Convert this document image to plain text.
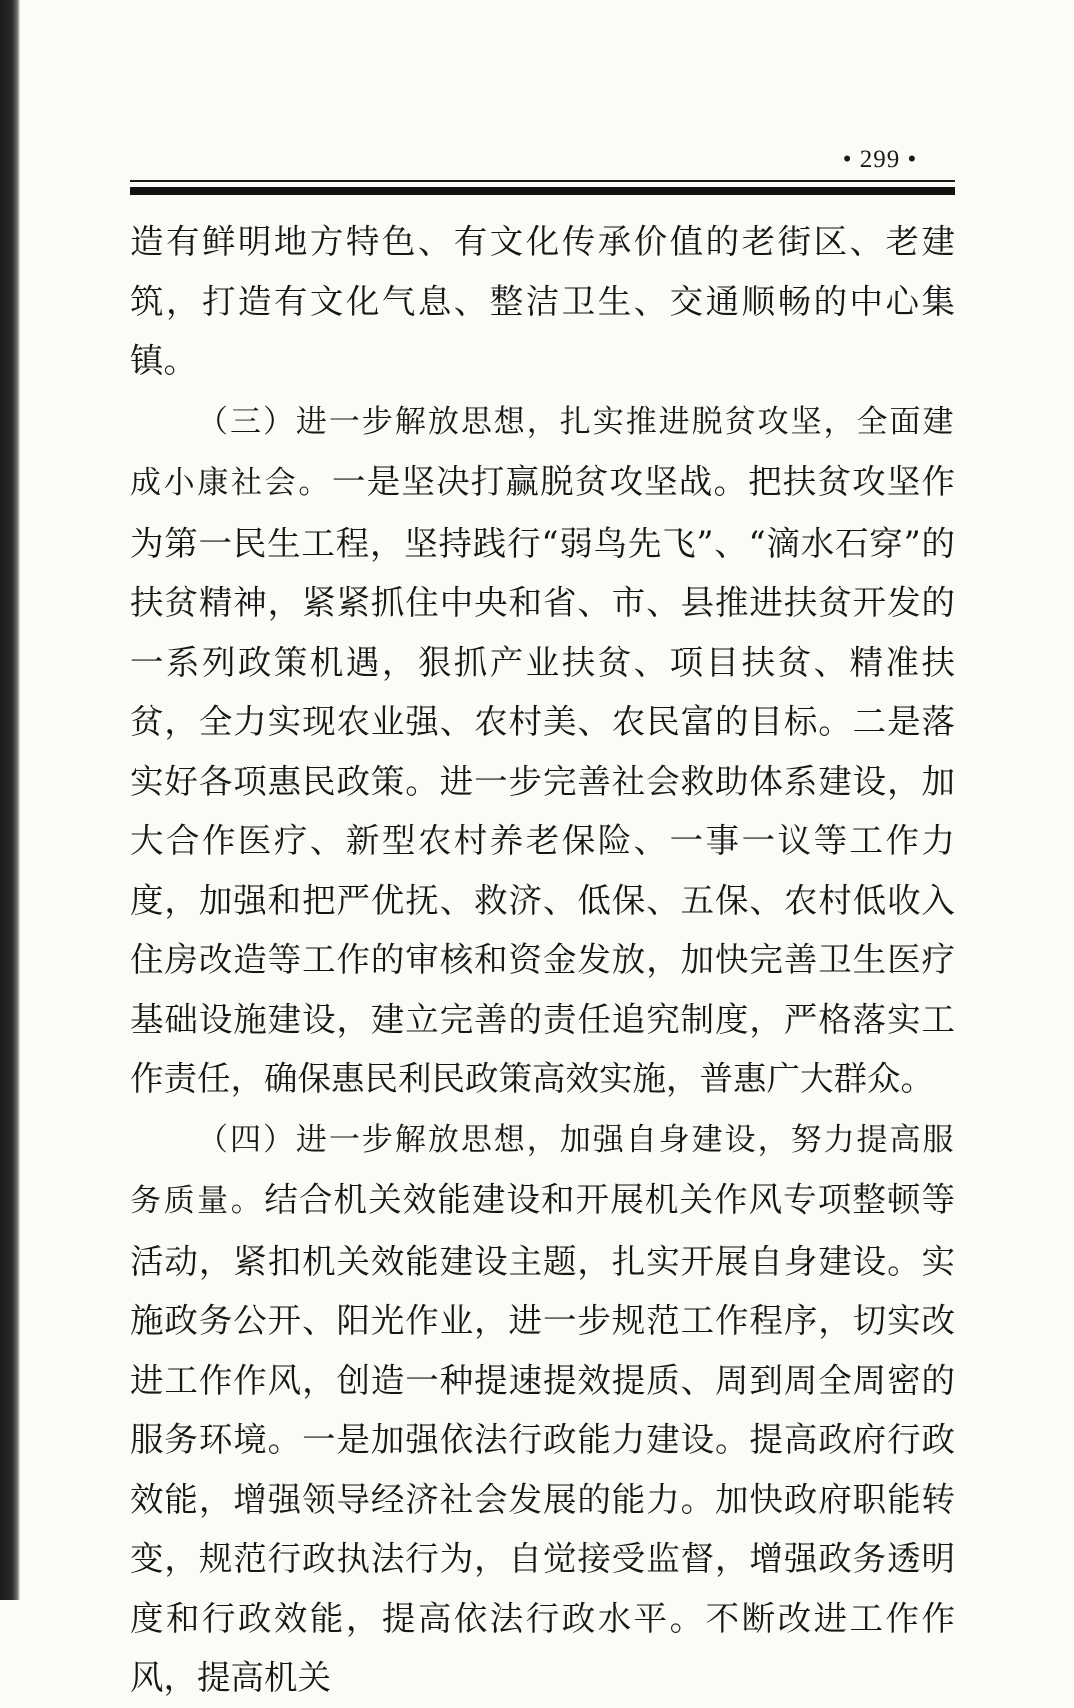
• 299 •

造有鲜明地方特色、有文化传承价值的老街区、老建筑，打造有文化气息、整洁卫生、交通顺畅的中心集镇。

（三）进一步解放思想，扎实推进脱贫攻坚，全面建成小康社会。一是坚决打赢脱贫攻坚战。把扶贫攻坚作为第一民生工程，坚持践行“弱鸟先飞”、“滴水石穿”的扶贫精神，紧紧抓住中央和省、市、县推进扶贫开发的一系列政策机遇，狠抓产业扶贫、项目扶贫、精准扶贫，全力实现农业强、农村美、农民富的目标。二是落实好各项惠民政策。进一步完善社会救助体系建设，加大合作医疗、新型农村养老保险、一事一议等工作力度，加强和把严优抚、救济、低保、五保、农村低收入住房改造等工作的审核和资金发放，加快完善卫生医疗基础设施建设，建立完善的责任追究制度，严格落实工作责任，确保惠民利民政策高效实施，普惠广大群众。

（四）进一步解放思想，加强自身建设，努力提高服务质量。结合机关效能建设和开展机关作风专项整顿等活动，紧扣机关效能建设主题，扎实开展自身建设。实施政务公开、阳光作业，进一步规范工作程序，切实改进工作作风，创造一种提速提效提质、周到周全周密的服务环境。一是加强依法行政能力建设。提高政府行政效能，增强领导经济社会发展的能力。加快政府职能转变，规范行政执法行为，自觉接受监督，增强政务透明度和行政效能，提高依法行政水平。不断改进工作作风，提高机关
